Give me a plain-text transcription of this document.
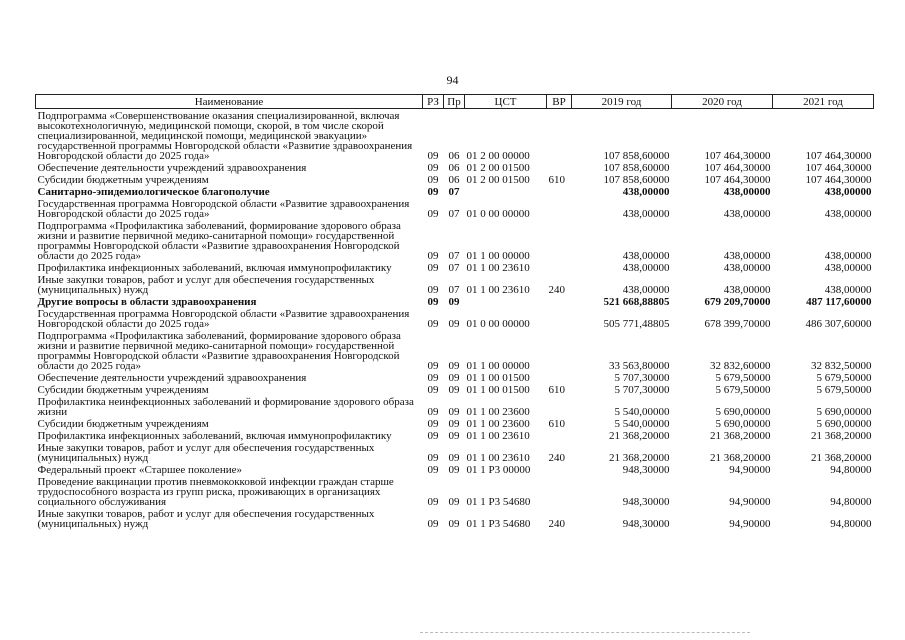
94
Наименование	РЗ	Пр	ЦСТ	ВР	2019 год	2020 год	2021 год
Подпрограмма «Совершенствование оказания специализированной, включая высокотехнологичную, медицинской помощи, скорой, в том числе скорой специализированной, медицинской помощи, медицинской эвакуации» государственной программы Новгородской области «Развитие здравоохранения Новгородской области до 2025 года»	09	06	01 2 00 00000		107 858,60000	107 464,30000	107 464,30000
Обеспечение деятельности учреждений здравоохранения	09	06	01 2 00 01500		107 858,60000	107 464,30000	107 464,30000
Субсидии бюджетным учреждениям	09	06	01 2 00 01500	610	107 858,60000	107 464,30000	107 464,30000
Санитарно-эпидемиологическое благополучие	09	07			438,00000	438,00000	438,00000
Государственная программа Новгородской области «Развитие здравоохранения Новгородской области до 2025 года»	09	07	01 0 00 00000		438,00000	438,00000	438,00000
Подпрограмма «Профилактика заболеваний, формирование здорового образа жизни и развитие первичной медико-санитарной помощи» государственной программы Новгородской области «Развитие здравоохранения Новгородской области до 2025 года»	09	07	01 1 00 00000		438,00000	438,00000	438,00000
Профилактика инфекционных заболеваний, включая иммунопрофилактику	09	07	01 1 00 23610		438,00000	438,00000	438,00000
Иные закупки товаров, работ и услуг для обеспечения государственных (муниципальных) нужд	09	07	01 1 00 23610	240	438,00000	438,00000	438,00000
Другие вопросы в области здравоохранения	09	09			521 668,88805	679 209,70000	487 117,60000
Государственная программа Новгородской области «Развитие здравоохранения Новгородской области до 2025 года»	09	09	01 0 00 00000		505 771,48805	678 399,70000	486 307,60000
Подпрограмма «Профилактика заболеваний, формирование здорового образа жизни и развитие первичной медико-санитарной помощи» государственной программы Новгородской области «Развитие здравоохранения Новгородской области до 2025 года»	09	09	01 1 00 00000		33 563,80000	32 832,60000	32 832,50000
Обеспечение деятельности учреждений здравоохранения	09	09	01 1 00 01500		5 707,30000	5 679,50000	5 679,50000
Субсидии бюджетным учреждениям	09	09	01 1 00 01500	610	5 707,30000	5 679,50000	5 679,50000
Профилактика неинфекционных заболеваний и формирование здорового образа жизни	09	09	01 1 00 23600		5 540,00000	5 690,00000	5 690,00000
Субсидии бюджетным учреждениям	09	09	01 1 00 23600	610	5 540,00000	5 690,00000	5 690,00000
Профилактика инфекционных заболеваний, включая иммунопрофилактику	09	09	01 1 00 23610		21 368,20000	21 368,20000	21 368,20000
Иные закупки товаров, работ и услуг для обеспечения государственных (муниципальных) нужд	09	09	01 1 00 23610	240	21 368,20000	21 368,20000	21 368,20000
Федеральный проект «Старшее поколение»	09	09	01 1 P3 00000		948,30000	94,90000	94,80000
Проведение вакцинации против пневмококковой инфекции граждан старше трудоспособного возраста из групп риска, проживающих в организациях социального обслуживания	09	09	01 1 P3 54680		948,30000	94,90000	94,80000
Иные закупки товаров, работ и услуг для обеспечения государственных (муниципальных) нужд	09	09	01 1 P3 54680	240	948,30000	94,90000	94,80000
